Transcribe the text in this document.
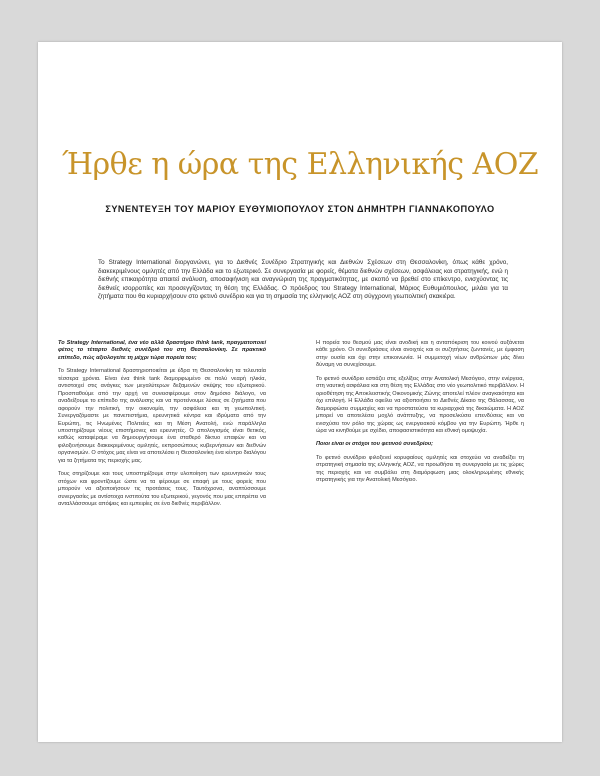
Ήρθε η ώρα της Ελληνικής ΑΟΖ
ΣΥΝΕΝΤΕΥΞΗ ΤΟΥ ΜΑΡΙΟΥ ΕΥΘΥΜΙΟΠΟΥΛΟΥ ΣΤΟΝ ΔΗΜΗΤΡΗ ΓΙΑΝΝΑΚΟΠΟΥΛΟ
Το Strategy International διοργανώνει, για το Διεθνές Συνέδριο Στρατηγικής και Διεθνών Σχέσεων στη Θεσσαλονίκη, όπως κάθε χρόνο, διακεκριμένους ομιλητές από την Ελλάδα και το εξωτερικό. Σε συνεργασία με φορείς, θέματα διεθνών σχέσεων, ασφάλειας και στρατηγικής, ενώ η διεθνής επικαιρότητα απαιτεί ανάλυση, αποσαφήνιση και αναγνώριση της πραγματικότητας, με σκοπό να βρεθεί στο επίκεντρο, ενισχύοντας τις διεθνείς ισορροπίες και προσεγγίζοντας τη θέση της Ελλάδας. Ο πρόεδρος του Strategy International, Μάριος Ευθυμιόπουλος, μιλάει για τα ζητήματα που θα κυριαρχήσουν στο φετινό συνέδριο και για τη σημασία της ελληνικής ΑΟΖ στη σύγχρονη γεωπολιτική σκακιέρα.

Το Strategy International, ένα νέο αλλά δραστήριο think tank, πραγματοποιεί φέτος το τέταρτο διεθνές συνέδριό του στη Θεσσαλονίκη. Σε πρακτικό επίπεδο, πώς αξιολογείτε τη μέχρι τώρα πορεία του;

Το Strategy International δραστηριοποιείται με έδρα τη Θεσσαλονίκη τα τελευταία τέσσερα χρόνια. Είναι ένα think tank διαμορφωμένο σε πολύ νεαρή ηλικία, αντιστοιχεί στις ανάγκες των μεγαλύτερων δεξαμενών σκέψης του εξωτερικού. Προσπαθούμε από την αρχή να συνεισφέρουμε στον δημόσιο διάλογο, να αναδείξουμε το επίπεδο της ανάλυσης και να προτείνουμε λύσεις σε ζητήματα που αφορούν την πολιτική, την οικονομία, την ασφάλεια και τη γεωπολιτική. Συνεργαζόμαστε με πανεπιστήμια, ερευνητικά κέντρα και ιδρύματα από την Ευρώπη, τις Ηνωμένες Πολιτείες και τη Μέση Ανατολή, ενώ παράλληλα υποστηρίζουμε νέους επιστήμονες και ερευνητές. Ο απολογισμός είναι θετικός, καθώς καταφέραμε να δημιουργήσουμε ένα σταθερό δίκτυο επαφών και να φιλοξενήσουμε διακεκριμένους ομιλητές, εκπροσώπους κυβερνήσεων και διεθνών οργανισμών. Ο στόχος μας είναι να αποτελέσει η Θεσσαλονίκη ένα κέντρο διαλόγου για τα ζητήματα της περιοχής μας.

Τους στηρίζουμε και τους υποστηρίζουμε στην υλοποίηση των ερευνητικών τους στόχων και φροντίζουμε ώστε να τα φέρουμε σε επαφή με τους φορείς που μπορούν να αξιοποιήσουν τις προτάσεις τους. Ταυτόχρονα, αναπτύσσουμε συνεργασίες με αντίστοιχα ινστιτούτα του εξωτερικού, γεγονός που μας επιτρέπει να ανταλλάσσουμε απόψεις και εμπειρίες σε ένα διεθνές περιβάλλον.

Η πορεία του θεσμού μας είναι ανοδική και η ανταπόκριση του κοινού αυξάνεται κάθε χρόνο. Οι συνεδριάσεις είναι ανοιχτές και οι συζητήσεις ζωντανές, με έμφαση στην ουσία και όχι στην επικοινωνία. Η συμμετοχή νέων ανθρώπων μάς δίνει δύναμη να συνεχίσουμε.

Το φετινό συνέδριο εστιάζει στις εξελίξεις στην Ανατολική Μεσόγειο, στην ενέργεια, στη ναυτική ασφάλεια και στη θέση της Ελλάδας στο νέο γεωπολιτικό περιβάλλον. Η οριοθέτηση της Αποκλειστικής Οικονομικής Ζώνης αποτελεί πλέον αναγκαιότητα και όχι επιλογή. Η Ελλάδα οφείλει να αξιοποιήσει το Διεθνές Δίκαιο της Θάλασσας, να διαμορφώσει συμμαχίες και να προστατεύσει τα κυριαρχικά της δικαιώματα. Η ΑΟΖ μπορεί να αποτελέσει μοχλό ανάπτυξης, να προσελκύσει επενδύσεις και να ενισχύσει τον ρόλο της χώρας ως ενεργειακού κόμβου για την Ευρώπη. Ήρθε η ώρα να κινηθούμε με σχέδιο, αποφασιστικότητα και εθνική ομοψυχία.

Ποιοι είναι οι στόχοι του φετινού συνεδρίου;

Το φετινό συνέδριο φιλοξενεί κορυφαίους ομιλητές και στοχεύει να αναδείξει τη στρατηγική σημασία της ελληνικής ΑΟΖ, να προωθήσει τη συνεργασία με τις χώρες της περιοχής και να συμβάλει στη διαμόρφωση μιας ολοκληρωμένης εθνικής στρατηγικής για την Ανατολική Μεσόγειο.
